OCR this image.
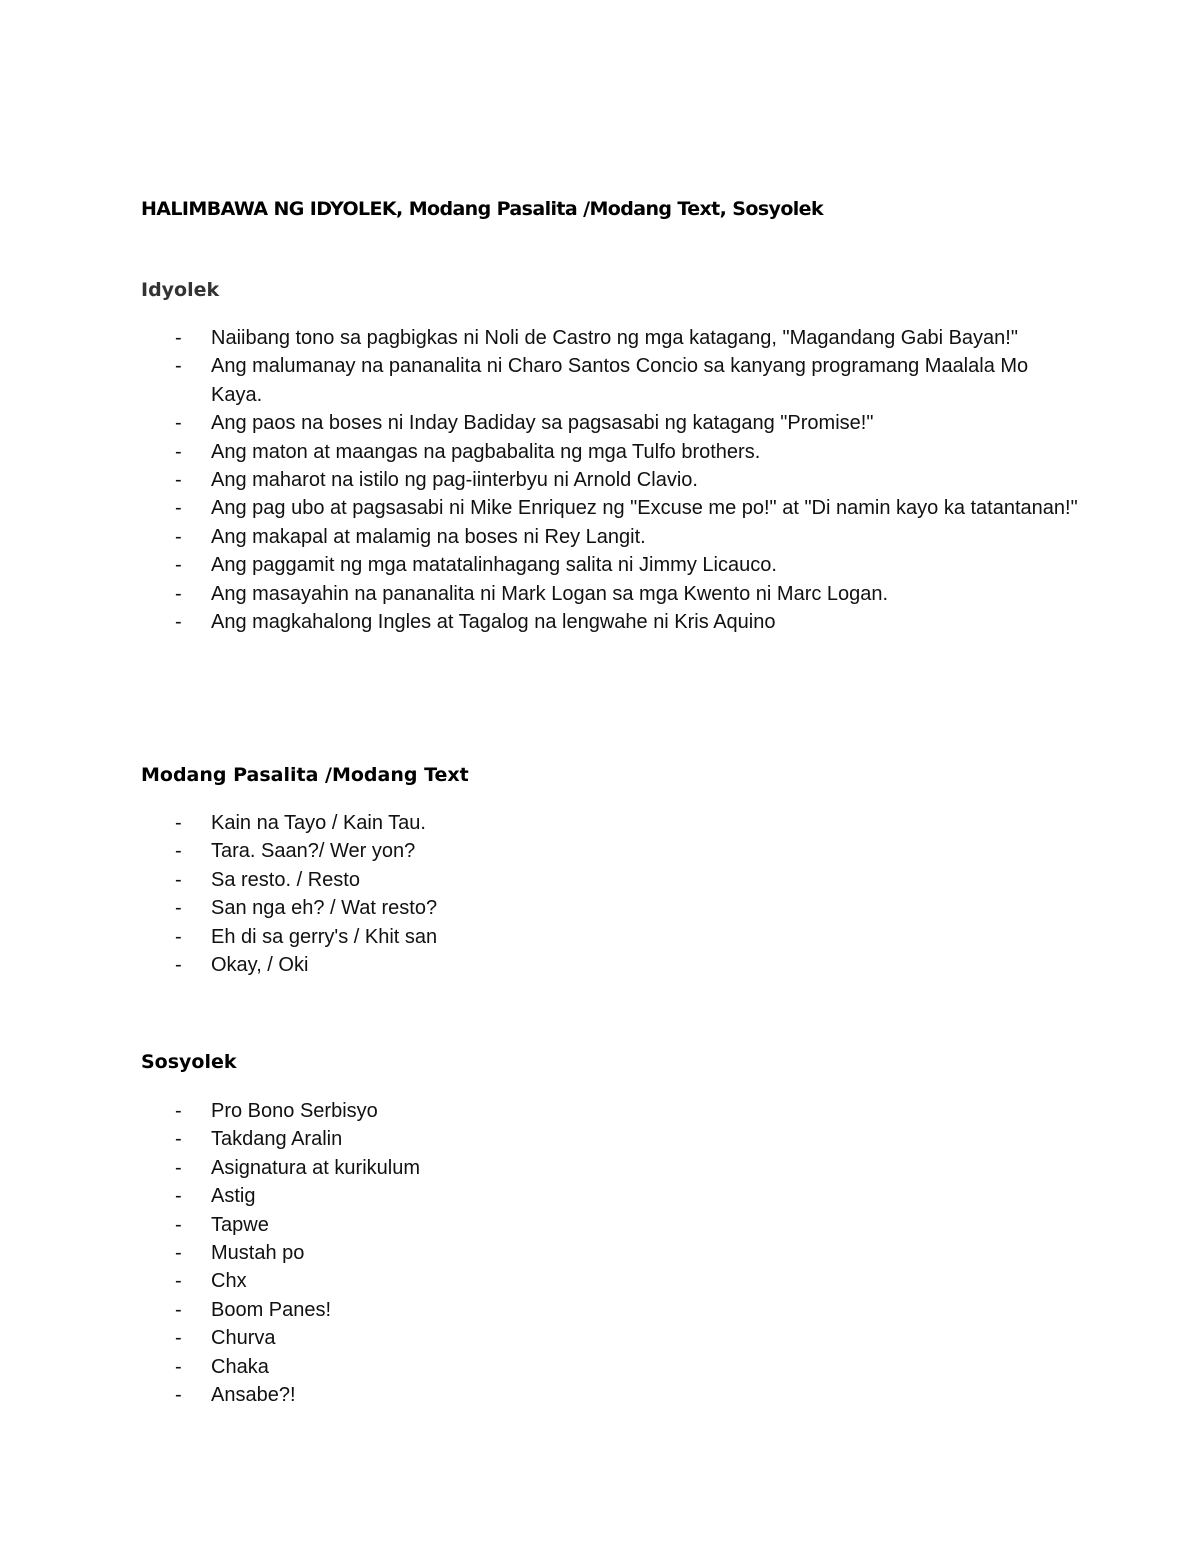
HALIMBAWA NG IDYOLEK, Modang Pasalita /Modang Text, Sosyolek
Idyolek
-	Naiibang tono sa pagbigkas ni Noli de Castro ng mga katagang, "Magandang Gabi Bayan!"
-	Ang malumanay na pananalita ni Charo Santos Concio sa kanyang programang Maalala Mo Kaya.
-	Ang paos na boses ni Inday Badiday sa pagsasabi ng katagang "Promise!"
-	Ang maton at maangas na pagbabalita ng mga Tulfo brothers.
-	Ang maharot na istilo ng pag-iinterbyu ni Arnold Clavio.
-	Ang pag ubo at pagsasabi ni Mike Enriquez ng "Excuse me po!" at "Di namin kayo ka tatantanan!"
-	Ang makapal at malamig na boses ni Rey Langit.
-	Ang paggamit ng mga matatalinhagang salita ni Jimmy Licauco.
-	Ang masayahin na pananalita ni Mark Logan sa mga Kwento ni Marc Logan.
-	Ang magkahalong Ingles at Tagalog na lengwahe ni Kris Aquino
Modang Pasalita /Modang Text
-	Kain na Tayo / Kain Tau.
-	Tara. Saan?/ Wer yon?
-	Sa resto. / Resto
-	San nga eh? / Wat resto?
-	Eh di sa gerry's / Khit san
-	Okay, / Oki
Sosyolek
-	Pro Bono Serbisyo
-	Takdang Aralin
-	Asignatura at kurikulum
-	Astig
-	Tapwe
-	Mustah po
-	Chx
-	Boom Panes!
-	Churva
-	Chaka
-	Ansabe?!
